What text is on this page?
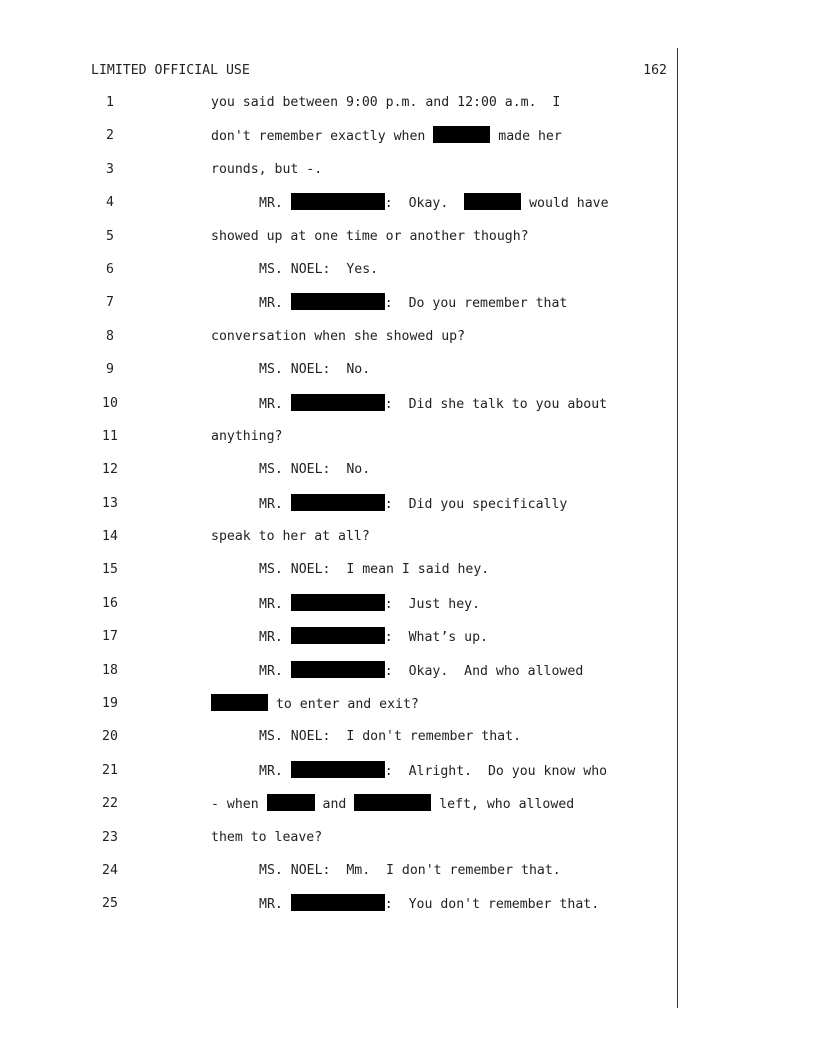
LIMITED OFFICIAL USE

	162

1	you said between 9:00 p.m. and 12:00 a.m.  I
2	don't remember exactly when	made her
3	rounds, but -.
4	MR.	:  Okay.	would have
5	showed up at one time or another though?
6	MS. NOEL:  Yes.
7	MR.	:  Do you remember that
8	conversation when she showed up?
9	MS. NOEL:  No.
10	MR.	:  Did she talk to you about
11	anything?
12	MS. NOEL:  No.
13	MR.	:  Did you specifically
14	speak to her at all?
15	MS. NOEL:  I mean I said hey.
16	MR.	:  Just hey.
17	MR.	:  What’s up.
18	MR.	:  Okay.  And who allowed
19	to enter and exit?
20	MS. NOEL:  I don't remember that.
21	MR.	:  Alright.  Do you know who
22	- when	and	left, who allowed
23	them to leave?
24	MS. NOEL:  Mm.  I don't remember that.
25	MR.	:  You don't remember that.
